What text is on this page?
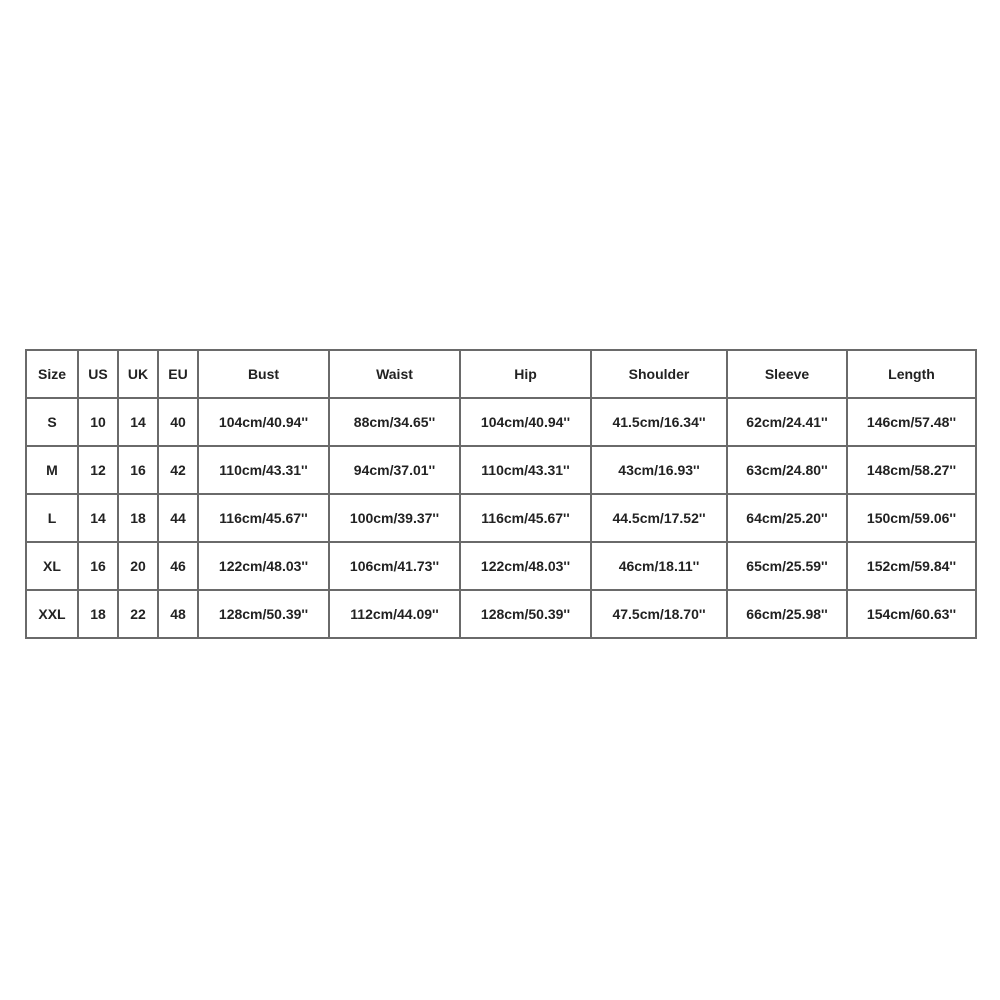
Size	US	UK	EU	Bust	Waist	Hip	Shoulder	Sleeve	Length
S	10	14	40	104cm/40.94''	88cm/34.65''	104cm/40.94''	41.5cm/16.34''	62cm/24.41''	146cm/57.48''
M	12	16	42	110cm/43.31''	94cm/37.01''	110cm/43.31''	43cm/16.93''	63cm/24.80''	148cm/58.27''
L	14	18	44	116cm/45.67''	100cm/39.37''	116cm/45.67''	44.5cm/17.52''	64cm/25.20''	150cm/59.06''
XL	16	20	46	122cm/48.03''	106cm/41.73''	122cm/48.03''	46cm/18.11''	65cm/25.59''	152cm/59.84''
XXL	18	22	48	128cm/50.39''	112cm/44.09''	128cm/50.39''	47.5cm/18.70''	66cm/25.98''	154cm/60.63''
